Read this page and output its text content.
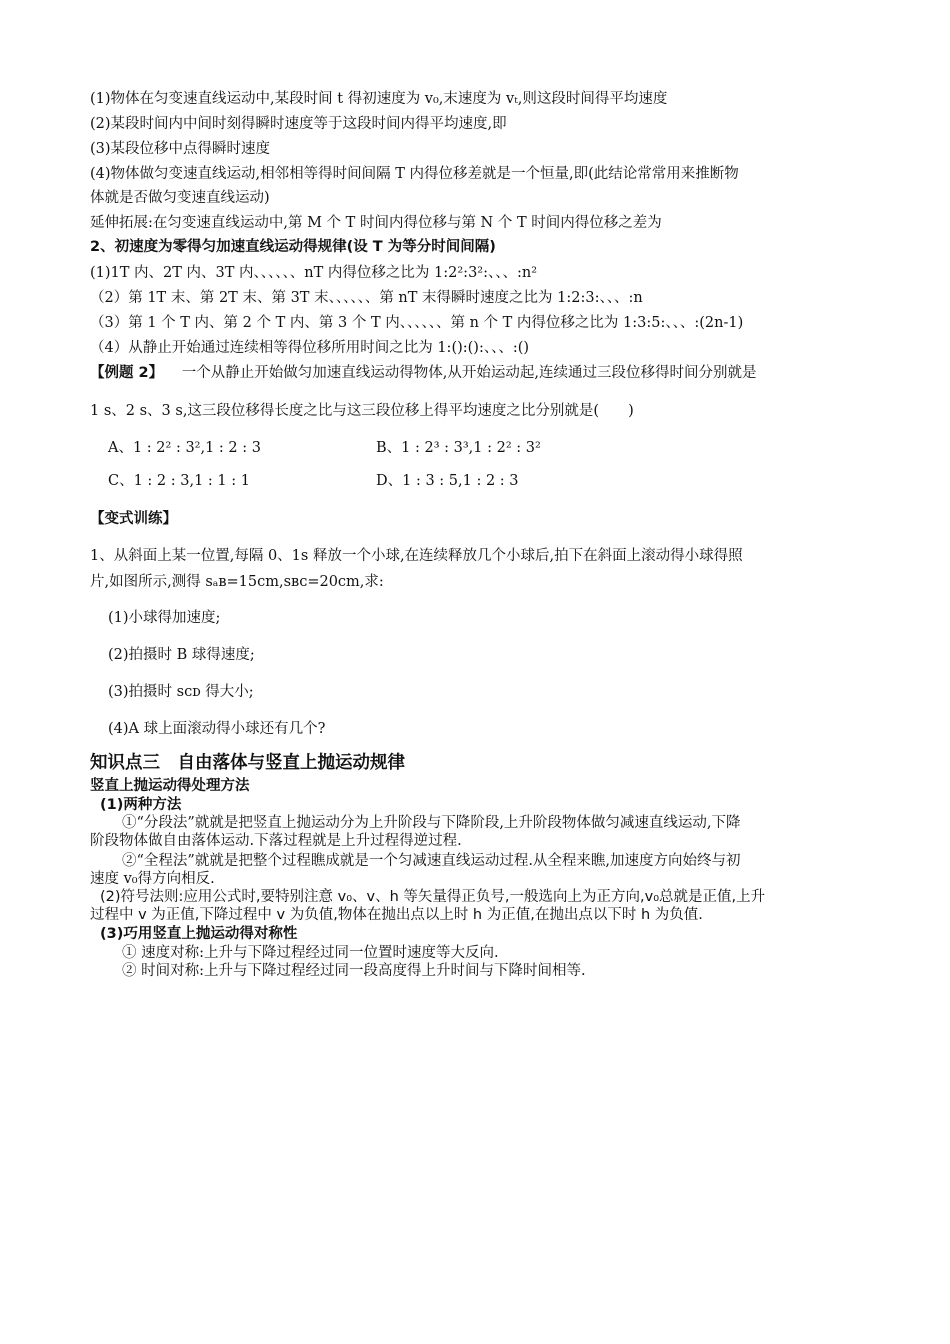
(1)物体在匀变速直线运动中,某段时间 t 得初速度为 v₀,末速度为 vₜ,则这段时间得平均速度
(2)某段时间内中间时刻得瞬时速度等于这段时间内得平均速度,即
(3)某段位移中点得瞬时速度
(4)物体做匀变速直线运动,相邻相等得时间间隔 T 内得位移差就是一个恒量,即(此结论常常用来推断物
体就是否做匀变速直线运动)
延伸拓展:在匀变速直线运动中,第 M 个 T 时间内得位移与第 N 个 T 时间内得位移之差为
2、初速度为零得匀加速直线运动得规律(设 T 为等分时间间隔)
(1)1T 内、2T 内、3T 内、、、、、、nT 内得位移之比为 1:2²:3²:、、、:n²
（2）第 1T 末、第 2T 末、第 3T 末、、、、、、第 nT 末得瞬时速度之比为 1:2:3:、、、:n
（3）第 1 个 T 内、第 2 个 T 内、第 3 个 T 内、、、、、、第 n 个 T 内得位移之比为 1:3:5:、、、:(2n-1)
（4）从静止开始通过连续相等得位移所用时间之比为 1:():():、、、:()
【例题 2】 一个从静止开始做匀加速直线运动得物体,从开始运动起,连续通过三段位移得时间分别就是
1 s、2 s、3 s,这三段位移得长度之比与这三段位移上得平均速度之比分别就是(　　)
A、1 : 2² : 3²,1 : 2 : 3	B、1 : 2³ : 3³,1 : 2² : 3²
C、1 : 2 : 3,1 : 1 : 1	D、1 : 3 : 5,1 : 2 : 3
【变式训练】
1、从斜面上某一位置,每隔 0、1s 释放一个小球,在连续释放几个小球后,拍下在斜面上滚动得小球得照
片,如图所示,测得 sₐʙ=15cm,sʙᴄ=20cm,求:
(1)小球得加速度;
(2)拍摄时 B 球得速度;
(3)拍摄时 sᴄᴅ 得大小;
(4)A 球上面滚动得小球还有几个?
知识点三　自由落体与竖直上抛运动规律
竖直上抛运动得处理方法
(1)两种方法
①“分段法”就就是把竖直上抛运动分为上升阶段与下降阶段,上升阶段物体做匀减速直线运动,下降
阶段物体做自由落体运动.下落过程就是上升过程得逆过程.
②“全程法”就就是把整个过程瞧成就是一个匀减速直线运动过程.从全程来瞧,加速度方向始终与初
速度 v₀得方向相反.
(2)符号法则:应用公式时,要特别注意 v₀、v、h 等矢量得正负号,一般选向上为正方向,v₀总就是正值,上升
过程中 v 为正值,下降过程中 v 为负值,物体在抛出点以上时 h 为正值,在抛出点以下时 h 为负值.
(3)巧用竖直上抛运动得对称性
① 速度对称:上升与下降过程经过同一位置时速度等大反向.
② 时间对称:上升与下降过程经过同一段高度得上升时间与下降时间相等.
